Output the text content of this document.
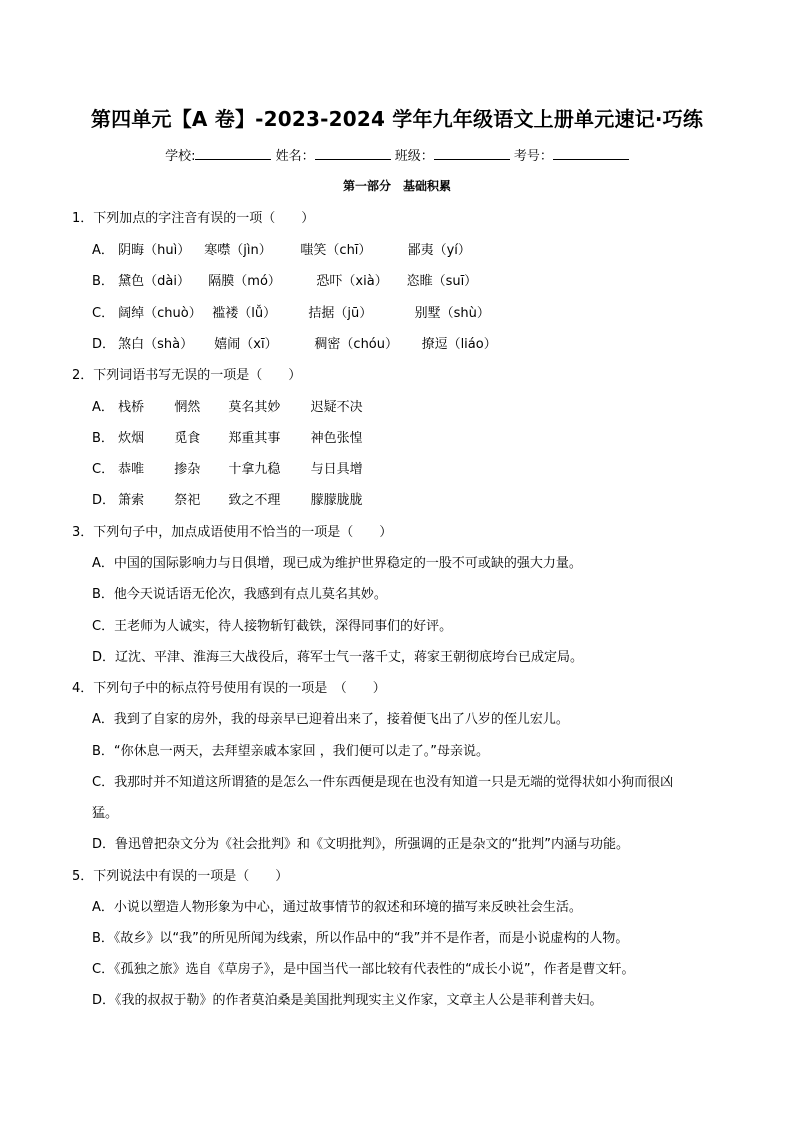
第四单元【A 卷】-2023-2024 学年九年级语文上册单元速记·巧练
学校:	姓名：	班级：	考号：
第一部分　基础积累
1．下列加点的字注音有误的一项（　　）
A． 阴晦（huì） 寒噤（jìn） 嗤笑（chī）	鄙夷（yí）
B． 黛色（dài） 隔膜（mó）	恐吓（xià） 恣睢（suī）
C． 阔绰（chuò） 褴褛（lǚ） 拮据（jū）	别墅（shù）
D． 煞白（shà） 嬉闹（xī）	稠密（chóu） 撩逗（liáo）
2．下列词语书写无误的一项是（　　）
A． 栈桥 惘然 莫名其妙 迟疑不决
B． 炊烟 觅食 郑重其事 神色张惶
C． 恭唯 掺杂 十拿九稳 与日具增
D． 箫索 祭祀 致之不理 朦朦胧胧
3．下列句子中，加点成语使用不恰当的一项是（　　）
A．中国的国际影响力与日俱增，现已成为维护世界稳定的一股不可或缺的强大力量。
B．他今天说话语无伦次，我感到有点儿莫名其妙。
C．王老师为人诚实，待人接物斩钉截铁，深得同事们的好评。
D．辽沈、平津、淮海三大战役后，蒋军士气一落千丈，蒋家王朝彻底垮台已成定局。
4．下列句子中的标点符号使用有误的一项是　（　　）
A．我到了自家的房外，我的母亲早已迎着出来了，接着便飞出了八岁的侄儿宏儿。
B．“你休息一两天，去拜望亲戚本家回 ，我们便可以走了。”母亲说。
C．我那时并不知道这所谓猹的是怎么一件东西便是现在也没有知道一只是无端的觉得状如小狗而很凶
猛。
D．鲁迅曾把杂文分为《社会批判》和《文明批判》，所强调的正是杂文的“批判”内涵与功能。
5．下列说法中有误的一项是（　　）
A．小说以塑造人物形象为中心，通过故事情节的叙述和环境的描写来反映社会生活。
B．《故乡》以“我”的所见所闻为线索，所以作品中的“我”并不是作者，而是小说虚构的人物。
C．《孤独之旅》选自《草房子》，是中国当代一部比较有代表性的“成长小说”，作者是曹文轩。
D．《我的叔叔于勒》的作者莫泊桑是美国批判现实主义作家，文章主人公是菲利普夫妇。
